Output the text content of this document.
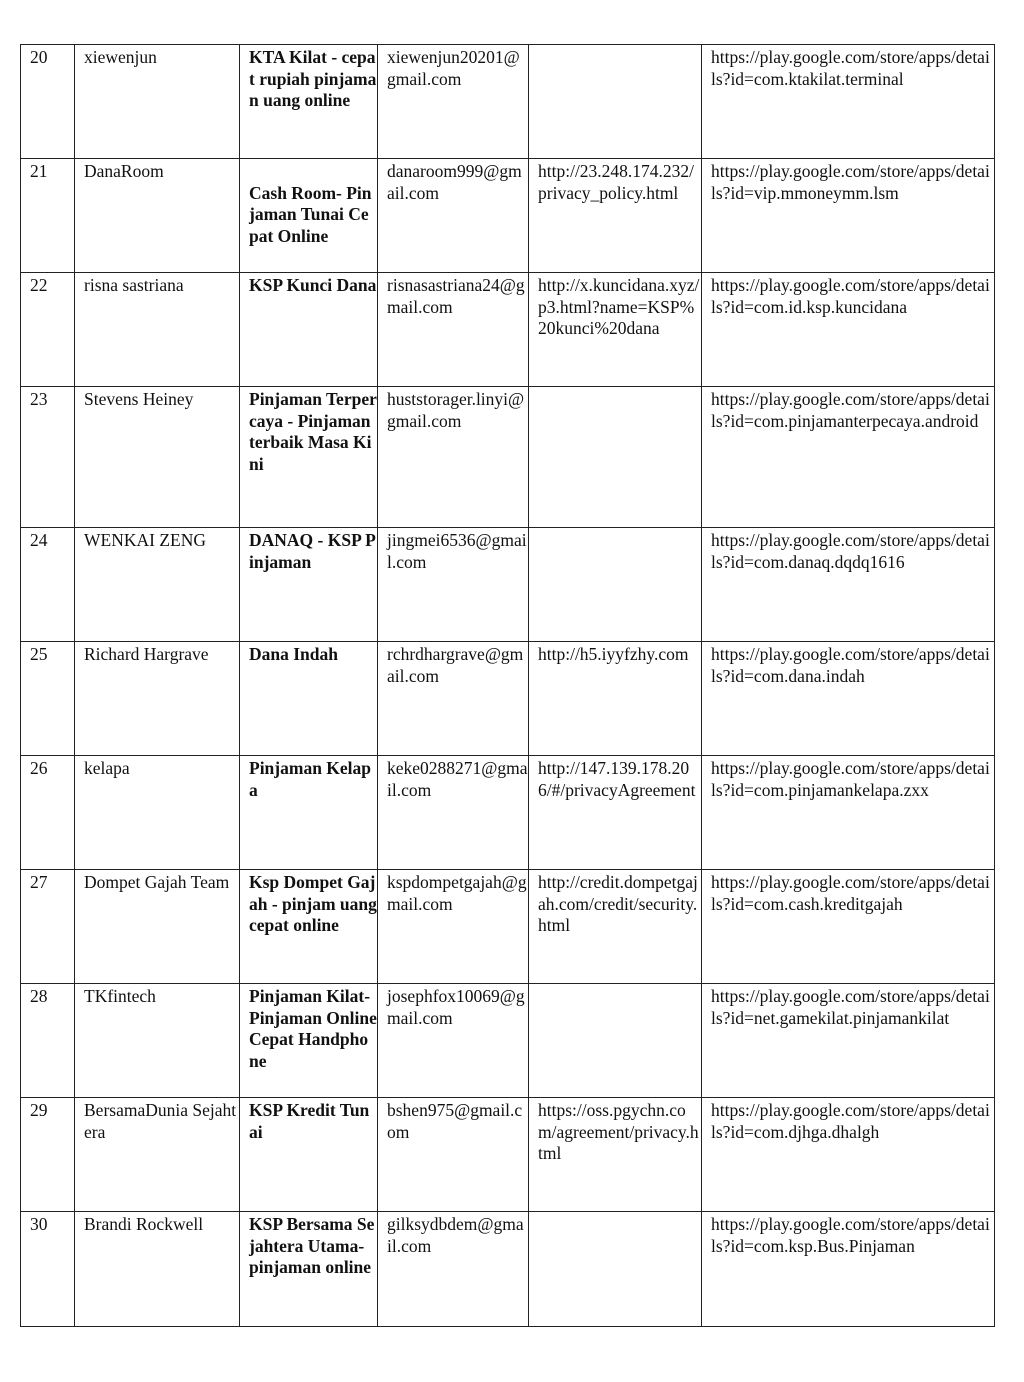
20	xiewenjun	KTA Kilat - cepat rupiah pinjaman uang online	xiewenjun20201@gmail.com		https://play.google.com/store/apps/details?id=com.ktakilat.terminal
21	DanaRoom	Cash Room- Pinjaman Tunai Cepat Online	danaroom999@gmail.com	http://23.248.174.232/privacy_policy.html	https://play.google.com/store/apps/details?id=vip.mmoneymm.lsm
22	risna sastriana	KSP Kunci Dana	risnasastriana24@gmail.com	http://x.kuncidana.xyz/p3.html?name=KSP%20kunci%20dana	https://play.google.com/store/apps/details?id=com.id.ksp.kuncidana
23	Stevens Heiney	Pinjaman Terpercaya - Pinjaman terbaik Masa Kini	huststorager.linyi@gmail.com		https://play.google.com/store/apps/details?id=com.pinjamanterpecaya.android
24	WENKAI ZENG	DANAQ - KSP Pinjaman	jingmei6536@gmail.com		https://play.google.com/store/apps/details?id=com.danaq.dqdq1616
25	Richard Hargrave	Dana Indah	rchrdhargrave@gmail.com	http://h5.iyyfzhy.com	https://play.google.com/store/apps/details?id=com.dana.indah
26	kelapa	Pinjaman Kelapa	keke0288271@gmail.com	http://147.139.178.206/#/privacyAgreement	https://play.google.com/store/apps/details?id=com.pinjamankelapa.zxx
27	Dompet Gajah Team	Ksp Dompet Gajah - pinjam uang cepat online	kspdompetgajah@gmail.com	http://credit.dompetgajah.com/credit/security.html	https://play.google.com/store/apps/details?id=com.cash.kreditgajah
28	TKfintech	Pinjaman Kilat- Pinjaman Online Cepat Handphone	josephfox10069@gmail.com		https://play.google.com/store/apps/details?id=net.gamekilat.pinjamankilat
29	BersamaDunia Sejahtera	KSP Kredit Tunai	bshen975@gmail.com	https://oss.pgychn.com/agreement/privacy.html	https://play.google.com/store/apps/details?id=com.djhga.dhalgh
30	Brandi Rockwell	KSP Bersama Sejahtera Utama- pinjaman online	gilksydbdem@gmail.com		https://play.google.com/store/apps/details?id=com.ksp.Bus.Pinjaman
